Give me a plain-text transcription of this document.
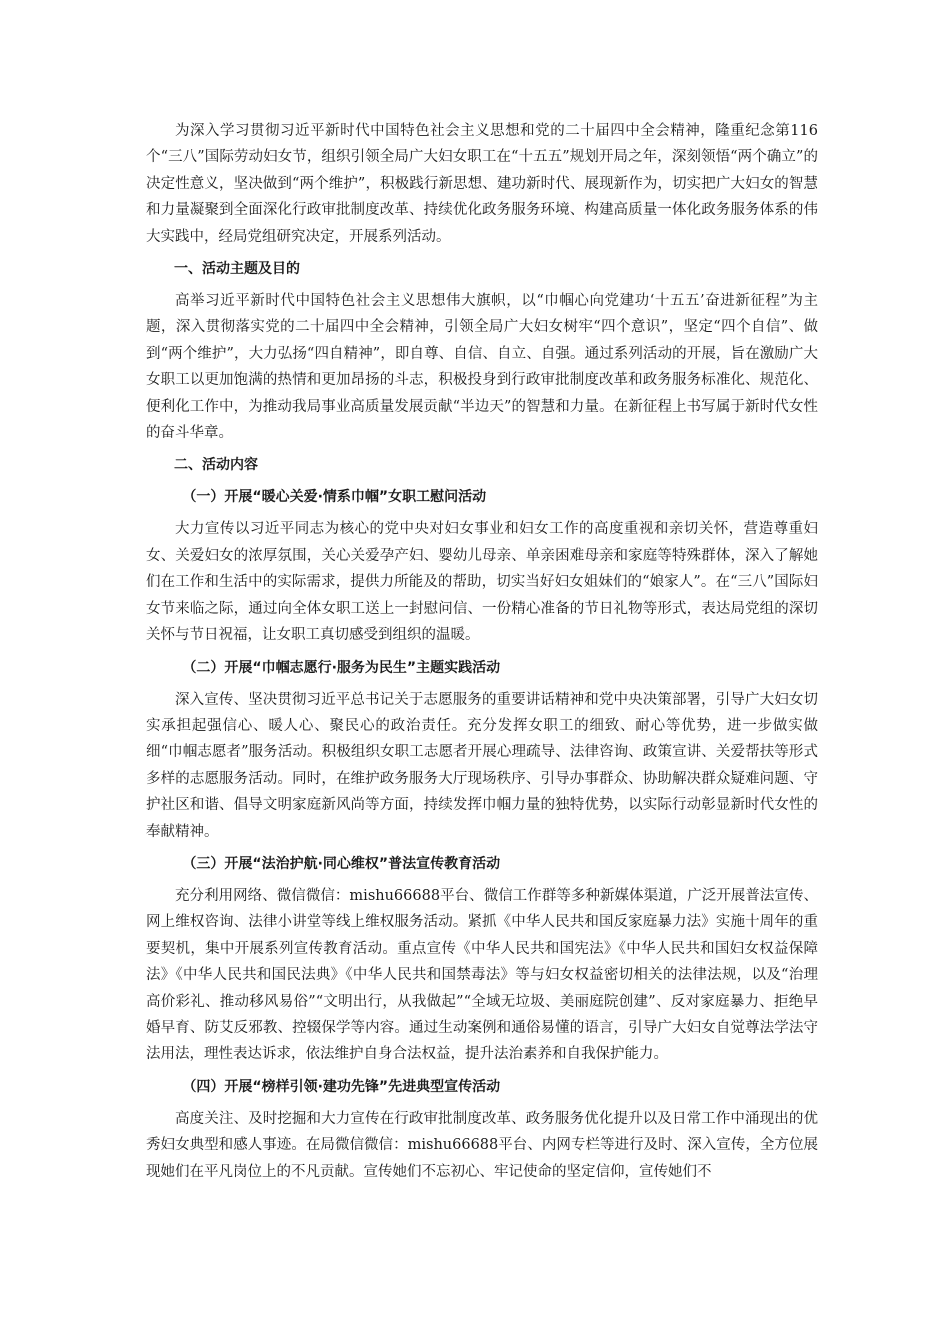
为深入学习贯彻习近平新时代中国特色社会主义思想和党的二十届四中全会精神，隆重纪念第116个“三八”国际劳动妇女节，组织引领全局广大妇女职工在“十五五”规划开局之年，深刻领悟“两个确立”的决定性意义，坚决做到“两个维护”，积极践行新思想、建功新时代、展现新作为，切实把广大妇女的智慧和力量凝聚到全面深化行政审批制度改革、持续优化政务服务环境、构建高质量一体化政务服务体系的伟大实践中，经局党组研究决定，开展系列活动。

一、活动主题及目的

高举习近平新时代中国特色社会主义思想伟大旗帜，以“巾帼心向党建功‘十五五’奋进新征程”为主题，深入贯彻落实党的二十届四中全会精神，引领全局广大妇女树牢“四个意识”，坚定“四个自信”、做到“两个维护”，大力弘扬“四自精神”，即自尊、自信、自立、自强。通过系列活动的开展，旨在激励广大女职工以更加饱满的热情和更加昂扬的斗志，积极投身到行政审批制度改革和政务服务标准化、规范化、便利化工作中，为推动我局事业高质量发展贡献“半边天”的智慧和力量。在新征程上书写属于新时代女性的奋斗华章。

二、活动内容

（一）开展“暖心关爱·情系巾帼”女职工慰问活动

大力宣传以习近平同志为核心的党中央对妇女事业和妇女工作的高度重视和亲切关怀，营造尊重妇女、关爱妇女的浓厚氛围，关心关爱孕产妇、婴幼儿母亲、单亲困难母亲和家庭等特殊群体，深入了解她们在工作和生活中的实际需求，提供力所能及的帮助，切实当好妇女姐妹们的“娘家人”。在“三八”国际妇女节来临之际，通过向全体女职工送上一封慰问信、一份精心准备的节日礼物等形式，表达局党组的深切关怀与节日祝福，让女职工真切感受到组织的温暖。

（二）开展“巾帼志愿行·服务为民生”主题实践活动

深入宣传、坚决贯彻习近平总书记关于志愿服务的重要讲话精神和党中央决策部署，引导广大妇女切实承担起强信心、暖人心、聚民心的政治责任。充分发挥女职工的细致、耐心等优势，进一步做实做细“巾帼志愿者”服务活动。积极组织女职工志愿者开展心理疏导、法律咨询、政策宣讲、关爱帮扶等形式多样的志愿服务活动。同时，在维护政务服务大厅现场秩序、引导办事群众、协助解决群众疑难问题、守护社区和谐、倡导文明家庭新风尚等方面，持续发挥巾帼力量的独特优势，以实际行动彰显新时代女性的奉献精神。

（三）开展“法治护航·同心维权”普法宣传教育活动

充分利用网络、微信微信：mishu66688平台、微信工作群等多种新媒体渠道，广泛开展普法宣传、网上维权咨询、法律小讲堂等线上维权服务活动。紧抓《中华人民共和国反家庭暴力法》实施十周年的重要契机，集中开展系列宣传教育活动。重点宣传《中华人民共和国宪法》《中华人民共和国妇女权益保障法》《中华人民共和国民法典》《中华人民共和国禁毒法》等与妇女权益密切相关的法律法规，以及“治理高价彩礼、推动移风易俗”“文明出行，从我做起”“全域无垃圾、美丽庭院创建”、反对家庭暴力、拒绝早婚早育、防艾反邪教、控辍保学等内容。通过生动案例和通俗易懂的语言，引导广大妇女自觉尊法学法守法用法，理性表达诉求，依法维护自身合法权益，提升法治素养和自我保护能力。

（四）开展“榜样引领·建功先锋”先进典型宣传活动

高度关注、及时挖掘和大力宣传在行政审批制度改革、政务服务优化提升以及日常工作中涌现出的优秀妇女典型和感人事迹。在局微信微信：mishu66688平台、内网专栏等进行及时、深入宣传，全方位展现她们在平凡岗位上的不凡贡献。宣传她们不忘初心、牢记使命的坚定信仰，宣传她们不
